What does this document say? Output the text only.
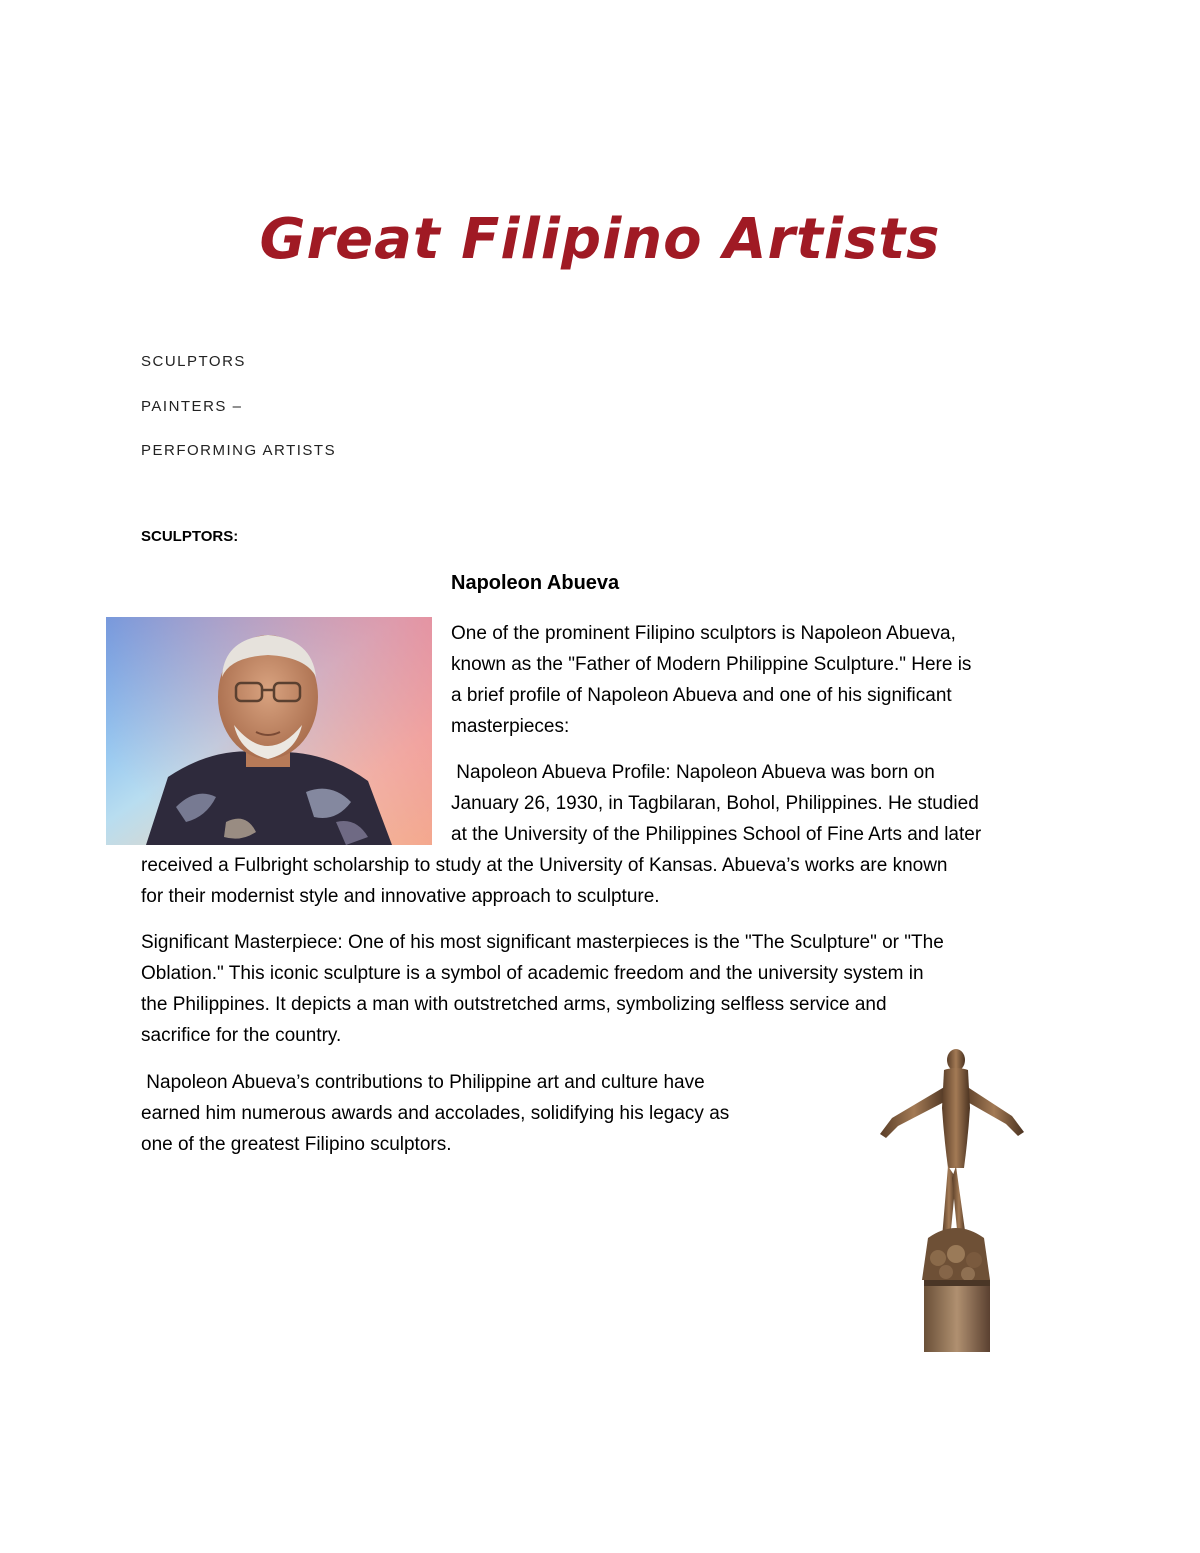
Great Filipino Artists
SCULPTORS
PAINTERS –
PERFORMING ARTISTS
SCULPTORS:
Napoleon Abueva

One of the prominent Filipino sculptors is Napoleon Abueva,
known as the "Father of Modern Philippine Sculpture." Here is
a brief profile of Napoleon Abueva and one of his significant
masterpieces:

Napoleon Abueva Profile: Napoleon Abueva was born on
January 26, 1930, in Tagbilaran, Bohol, Philippines. He studied
at the University of the Philippines School of Fine Arts and later
received a Fulbright scholarship to study at the University of Kansas. Abueva’s works are known
for their modernist style and innovative approach to sculpture.

Significant Masterpiece: One of his most significant masterpieces is the "The Sculpture" or "The
Oblation." This iconic sculpture is a symbol of academic freedom and the university system in
the Philippines. It depicts a man with outstretched arms, symbolizing selfless service and
sacrifice for the country.

Napoleon Abueva’s contributions to Philippine art and culture have
earned him numerous awards and accolades, solidifying his legacy as
one of the greatest Filipino sculptors.
